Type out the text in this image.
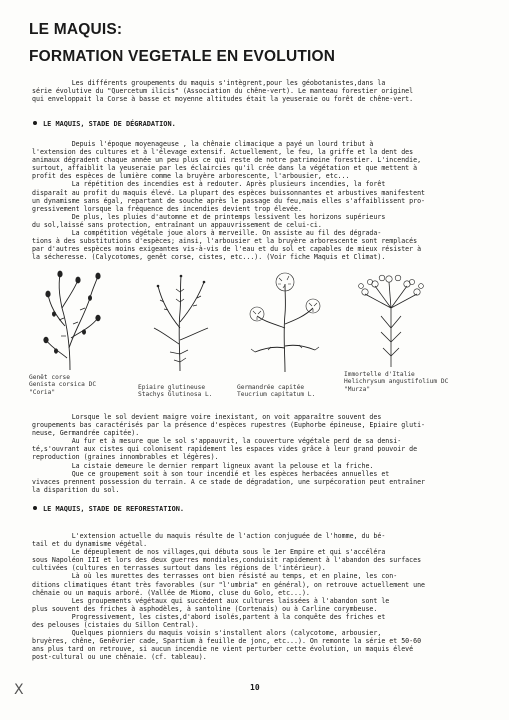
LE MAQUIS:
FORMATION VEGETALE EN EVOLUTION
Les différents groupements du maquis s'intègrent,pour les géobotanistes,dans la
série évolutive du "Quercetum ilicis" (Association du chêne-vert). Le manteau forestier originel
qui enveloppait la Corse à basse et moyenne altitudes était la yeuseraie ou forêt de chêne-vert.
LE MAQUIS, STADE DE DÉGRADATION.
Depuis l'époque moyenageuse , la chênaie climacique a payé un lourd tribut à
l'extension des cultures et à l'élevage extensif. Actuellement, le feu, la griffe et la dent des
animaux dégradent chaque année un peu plus ce qui reste de notre patrimoine forestier. L'incendie,
surtout, affaiblit la yeuseraie par les éclaircies qu'il crée dans la végétation et que mettent à
profit des espèces de lumière comme la bruyère arborescente, l'arbousier, etc...
La répétition des incendies est à redouter. Après plusieurs incendies, la forêt
disparaît au profit du maquis élevé. La plupart des espèces buissonnantes et arbustives manifestent
un dynamisme sans égal, repartant de souche après le passage du feu,mais elles s'affaiblissent pro-
gressivement lorsque la fréquence des incendies devient trop élevée.
De plus, les pluies d'automne et de printemps lessivent les horizons supérieurs
du sol,laissé sans protection, entraînant un appauvrissement de celui-ci.
La compétition végétale joue alors à merveille. On assiste au fil des dégrada-
tions à des substitutions d'espèces; ainsi, l'arbousier et la bruyère arborescente sont remplacés
par d'autres espèces moins exigeantes vis-à-vis de l'eau et du sol et capables de mieux résister à
la sécheresse. (Calycotomes, genêt corse, cistes, etc...). (Voir fiche Maquis et Climat).
Genêt corse
Genista corsica DC
"Coria"
Epiaire glutineuse
Stachys Glutinosa L.
Germandrée capitée
Teucrium capitatum L.
Immortelle d'Italie
Helichrysum angustifolium DC
"Murza"
Lorsque le sol devient maigre voire inexistant, on voit apparaître souvent des
groupements bas caractérisés par la présence d'espèces rupestres (Euphorbe épineuse, Epiaire gluti-
neuse, Germandrée capitée).
Au fur et à mesure que le sol s'appauvrit, la couverture végétale perd de sa densi-
té,s'ouvrant aux cistes qui colonisent rapidement les espaces vides grâce à leur grand pouvoir de
reproduction (graines innombrables et légères).
La cistaie demeure le dernier rempart ligneux avant la pelouse et la friche.
Que ce groupement soit à son tour incendié et les espèces herbacées annuelles et
vivaces prennent possession du terrain. A ce stade de dégradation, une surpécoration peut entraîner
la disparition du sol.
LE MAQUIS, STADE DE REFORESTATION.
L'extension actuelle du maquis résulte de l'action conjuguée de l'homme, du bé-
tail et du dynamisme végétal.
Le dépeuplement de nos villages,qui débuta sous le 1er Empire et qui s'accéléra
sous Napoléon III et lors des deux guerres mondiales,conduisit rapidement à l'abandon des surfaces
cultivées (cultures en terrasses surtout dans les régions de l'intérieur).
Là où les murettes des terrasses ont bien résisté au temps, et en plaine, les con-
ditions climatiques étant très favorables (sur "l'umbria" en général), on retrouve actuellement une
chênaie ou un maquis arboré. (Vallée de Miomo, cluse du Golo, etc...).
Les groupements végétaux qui succèdent aux cultures laissées à l'abandon sont le
plus souvent des friches à asphodèles, à santoline (Cortenais) ou à Carline corymbeuse.
Progressivement, les cistes,d'abord isolés,partent à la conquête des friches et
des pelouses (cistaies du Sillon Central).
Quelques pionniers du maquis voisin s'installent alors (calycotome, arbousier,
bruyères, chêne, Genêvrier cade, Spartium à feuille de jonc, etc...). On remonte la série et 50-60
ans plus tard on retrouve, si aucun incendie ne vient perturber cette évolution, un maquis élevé
post-cultural ou une chênaie. (cf. tableau).
X	10
